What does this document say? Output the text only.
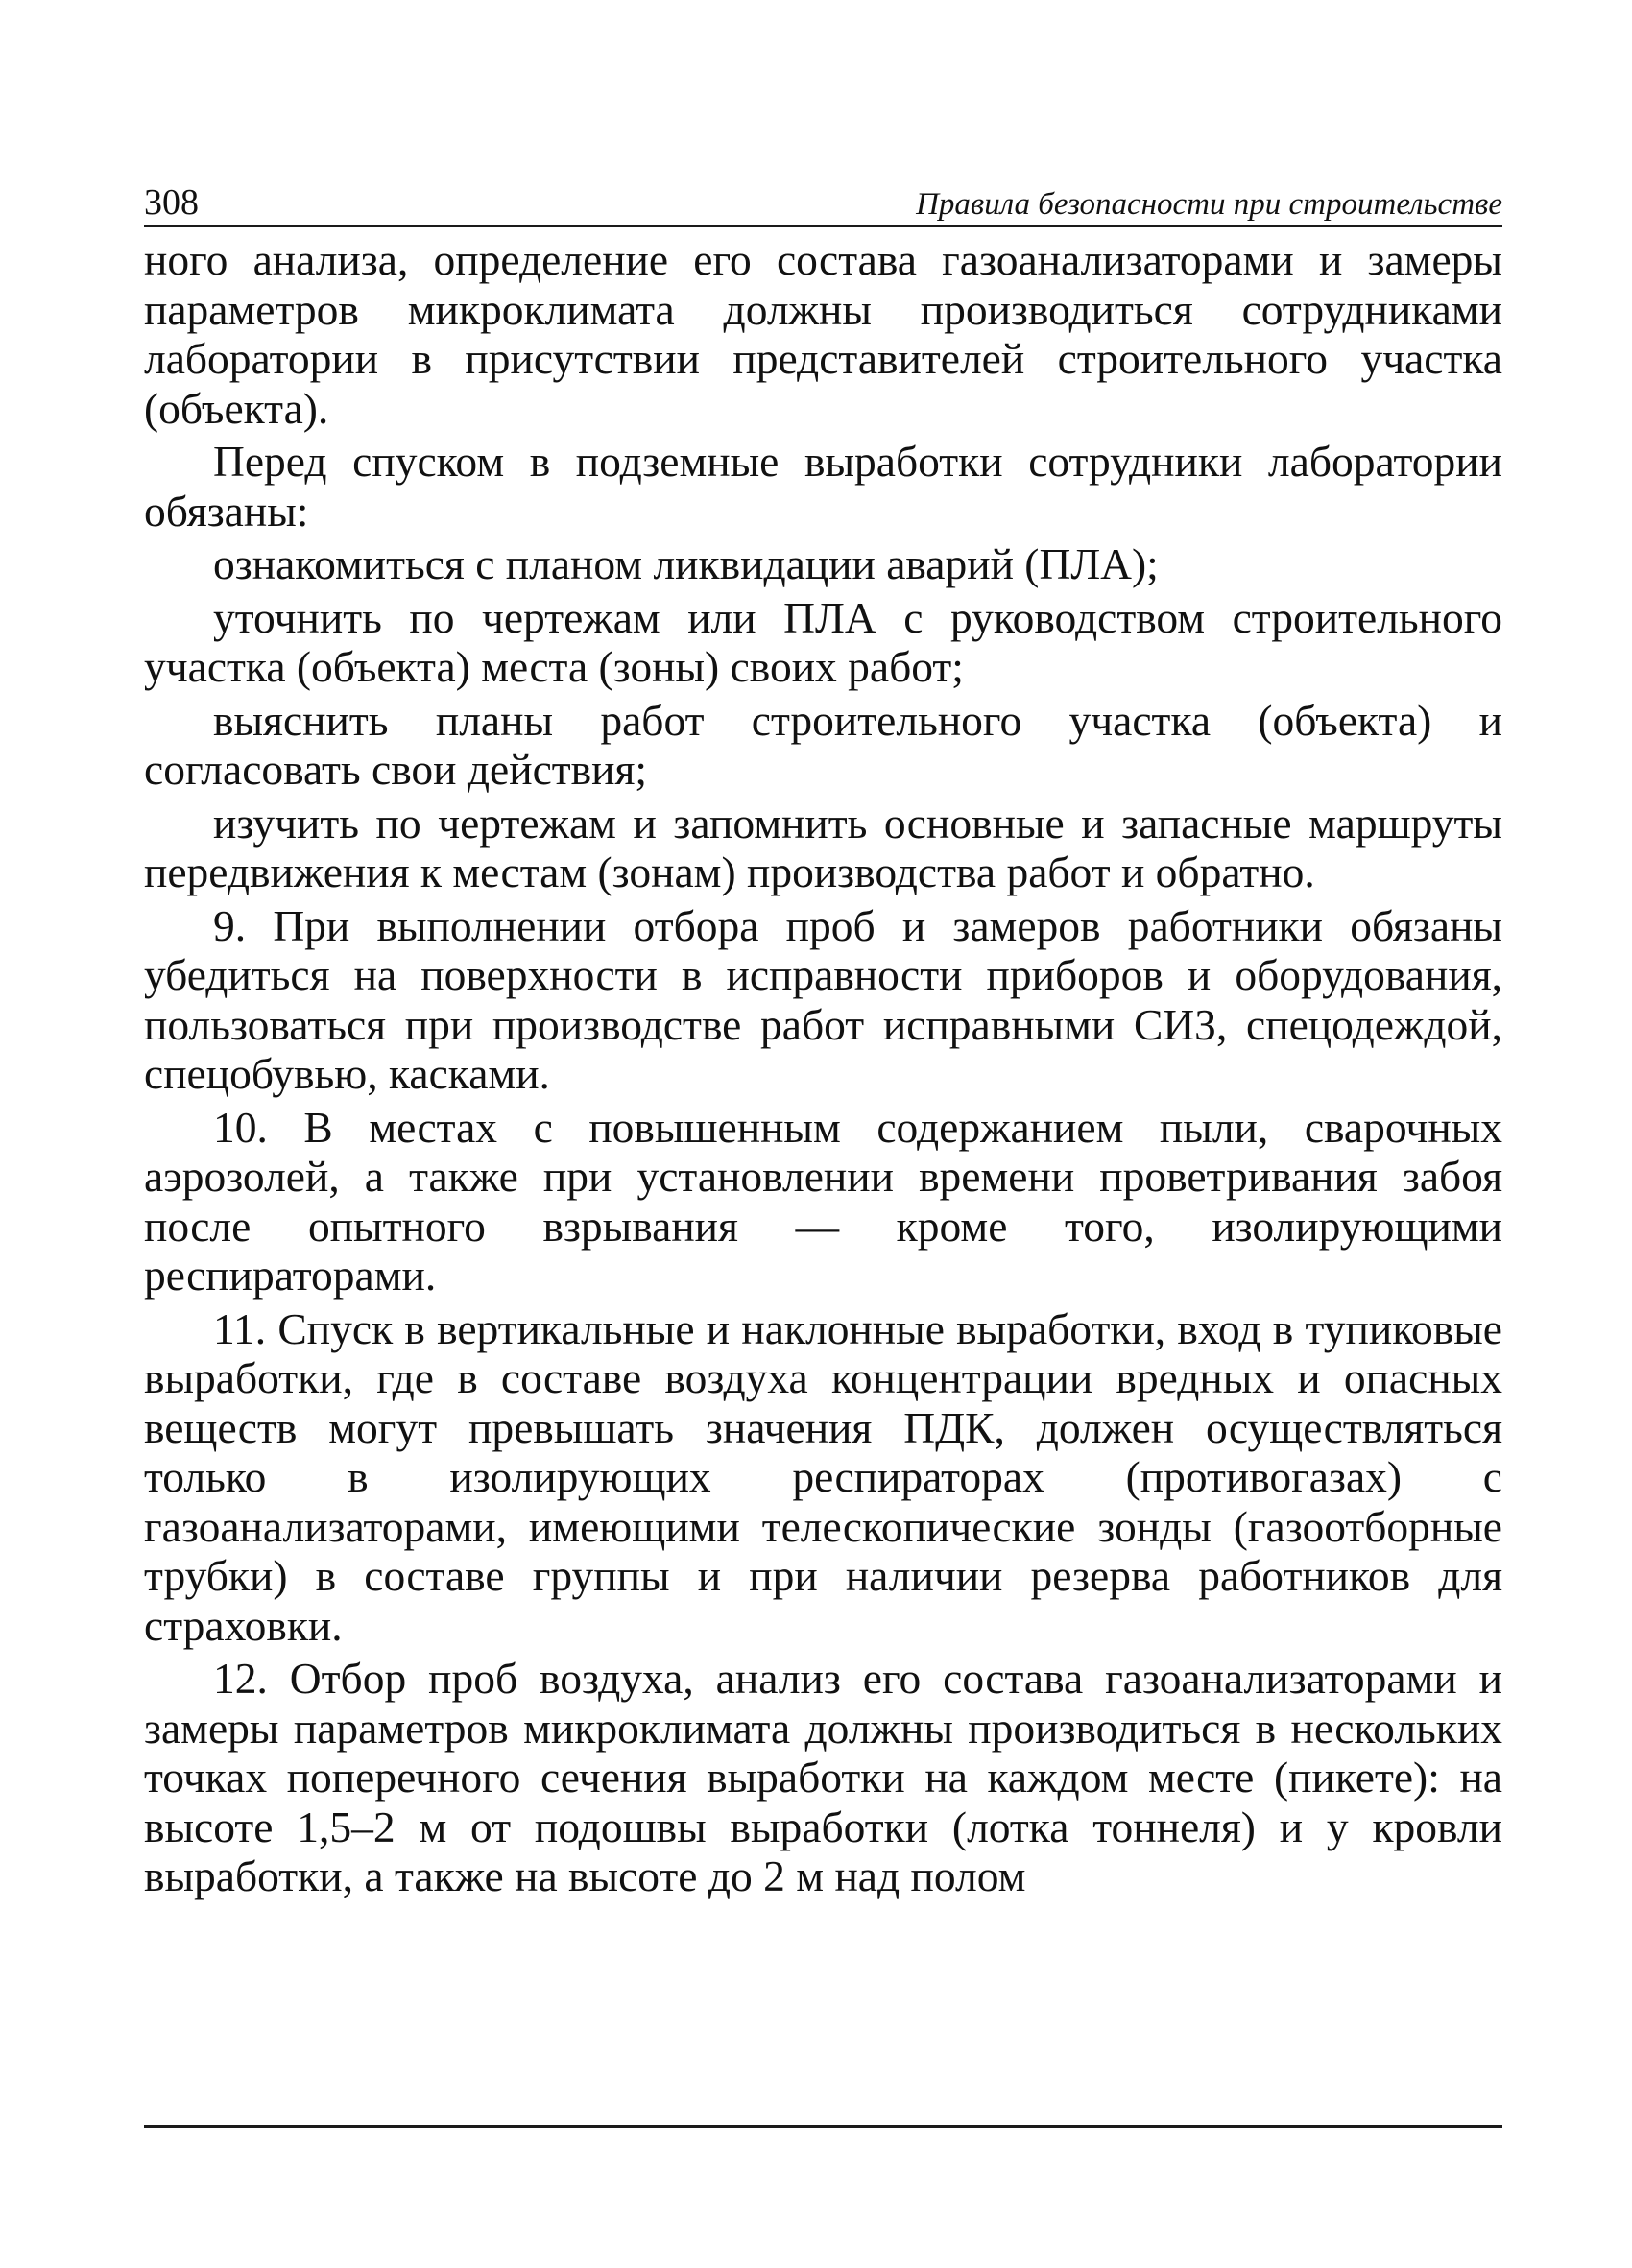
308	Правила безопасности при строительстве

ного анализа, определение его состава газоанализаторами и замеры параметров микроклимата должны производиться сотрудниками лаборатории в присутствии представителей строительного участка (объекта).

Перед спуском в подземные выработки сотрудники лаборатории обязаны:

ознакомиться с планом ликвидации аварий (ПЛА);

уточнить по чертежам или ПЛА с руководством строительного участка (объекта) места (зоны) своих работ;

выяснить планы работ строительного участка (объекта) и согласовать свои действия;

изучить по чертежам и запомнить основные и запасные маршруты передвижения к местам (зонам) производства работ и обратно.

9. При выполнении отбора проб и замеров работники обязаны убедиться на поверхности в исправности приборов и оборудования, пользоваться при производстве работ исправными СИЗ, спецодеждой, спецобувью, касками.

10. В местах с повышенным содержанием пыли, сварочных аэрозолей, а также при установлении времени проветривания забоя после опытного взрывания — кроме того, изолирующими респираторами.

11. Спуск в вертикальные и наклонные выработки, вход в тупиковые выработки, где в составе воздуха концентрации вредных и опасных веществ могут превышать значения ПДК, должен осуществляться только в изолирующих респираторах (противогазах) с газоанализаторами, имеющими телескопические зонды (газоотборные трубки) в составе группы и при наличии резерва работников для страховки.

12. Отбор проб воздуха, анализ его состава газоанализаторами и замеры параметров микроклимата должны производиться в нескольких точках поперечного сечения выработки на каждом месте (пикете): на высоте 1,5–2 м от подошвы выработки (лотка тоннеля) и у кровли выработки, а также на высоте до 2 м над полом
